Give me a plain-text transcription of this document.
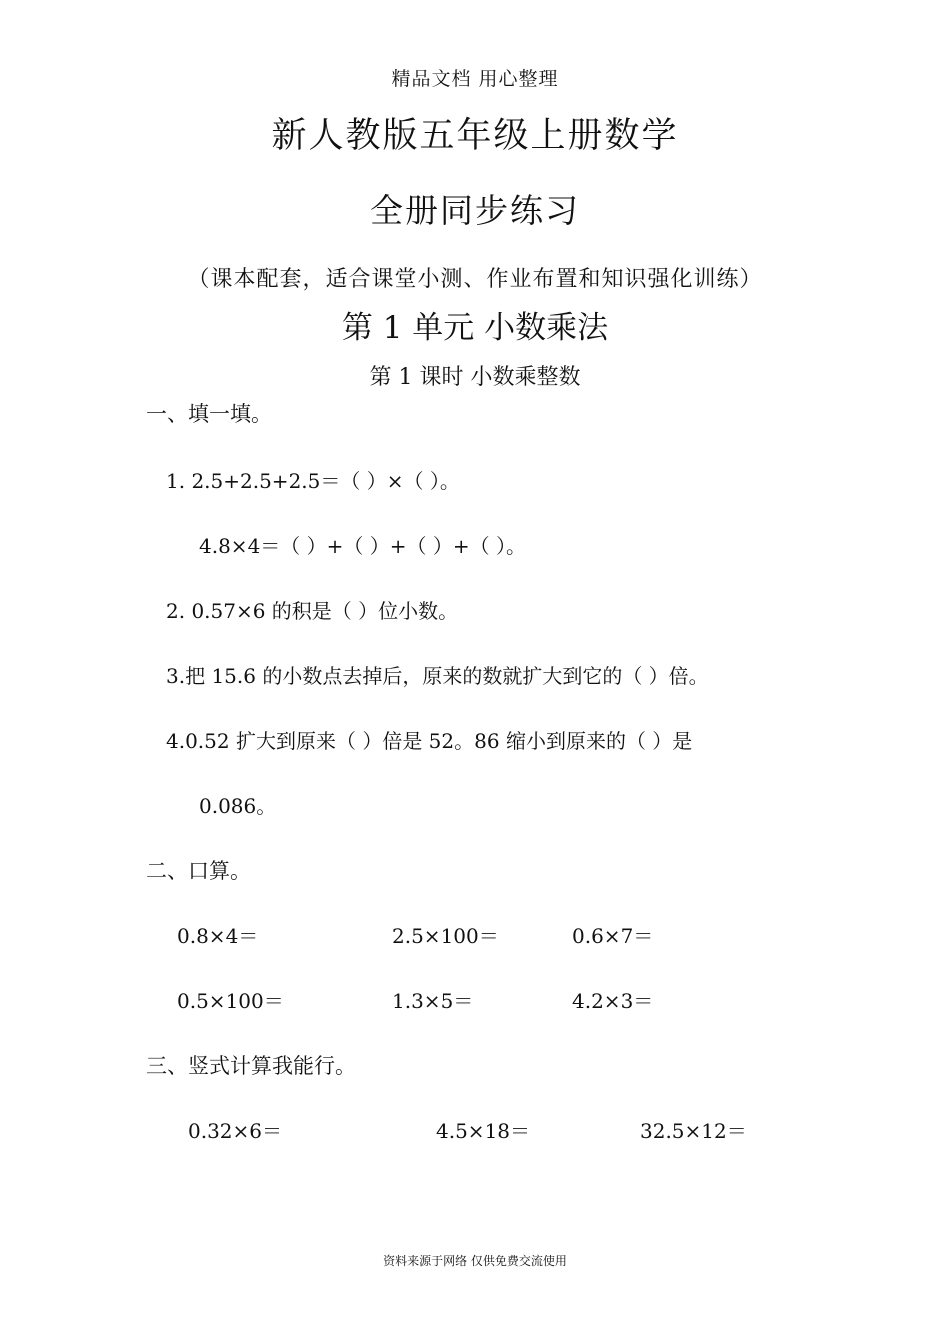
精品文档 用心整理
新人教版五年级上册数学
全册同步练习
（课本配套，适合课堂小测、作业布置和知识强化训练）
第 1 单元 小数乘法
第 1 课时 小数乘整数
一、填一填。
1. 2.5+2.5+2.5＝（ ）×（ ）。
4.8×4＝（ ）+（ ）+（ ）+（ ）。
2. 0.57×6 的积是（ ）位小数。
3.把 15.6 的小数点去掉后，原来的数就扩大到它的（ ）倍。
4.0.52 扩大到原来（ ）倍是 52。86 缩小到原来的（ ）是
0.086。
二、口算。
0.8×4＝	2.5×100＝	0.6×7＝
0.5×100＝	1.3×5＝	4.2×3＝
三、竖式计算我能行。
0.32×6＝	4.5×18＝	32.5×12＝
资料来源于网络 仅供免费交流使用
